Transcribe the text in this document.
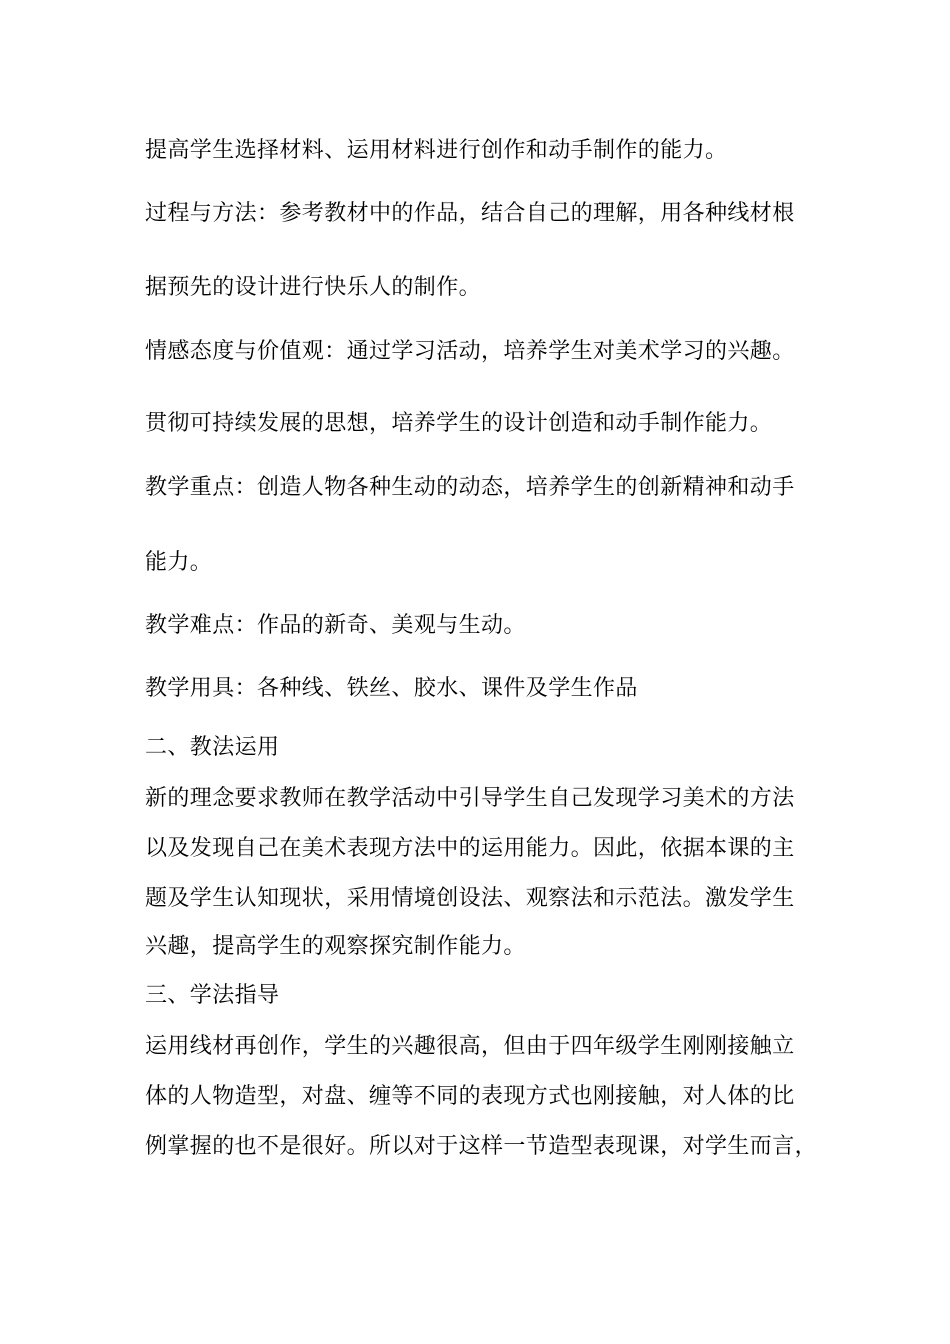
提高学生选择材料、运用材料进行创作和动手制作的能力。
过程与方法：参考教材中的作品，结合自己的理解，用各种线材根
据预先的设计进行快乐人的制作。
情感态度与价值观：通过学习活动，培养学生对美术学习的兴趣。
贯彻可持续发展的思想，培养学生的设计创造和动手制作能力。
教学重点：创造人物各种生动的动态，培养学生的创新精神和动手
能力。
教学难点：作品的新奇、美观与生动。
教学用具：各种线、铁丝、胶水、课件及学生作品
二、教法运用
新的理念要求教师在教学活动中引导学生自己发现学习美术的方法
以及发现自己在美术表现方法中的运用能力。因此，依据本课的主
题及学生认知现状，采用情境创设法、观察法和示范法。激发学生
兴趣，提高学生的观察探究制作能力。
三、学法指导
运用线材再创作，学生的兴趣很高，但由于四年级学生刚刚接触立
体的人物造型，对盘、缠等不同的表现方式也刚接触，对人体的比
例掌握的也不是很好。所以对于这样一节造型表现课，对学生而言，
